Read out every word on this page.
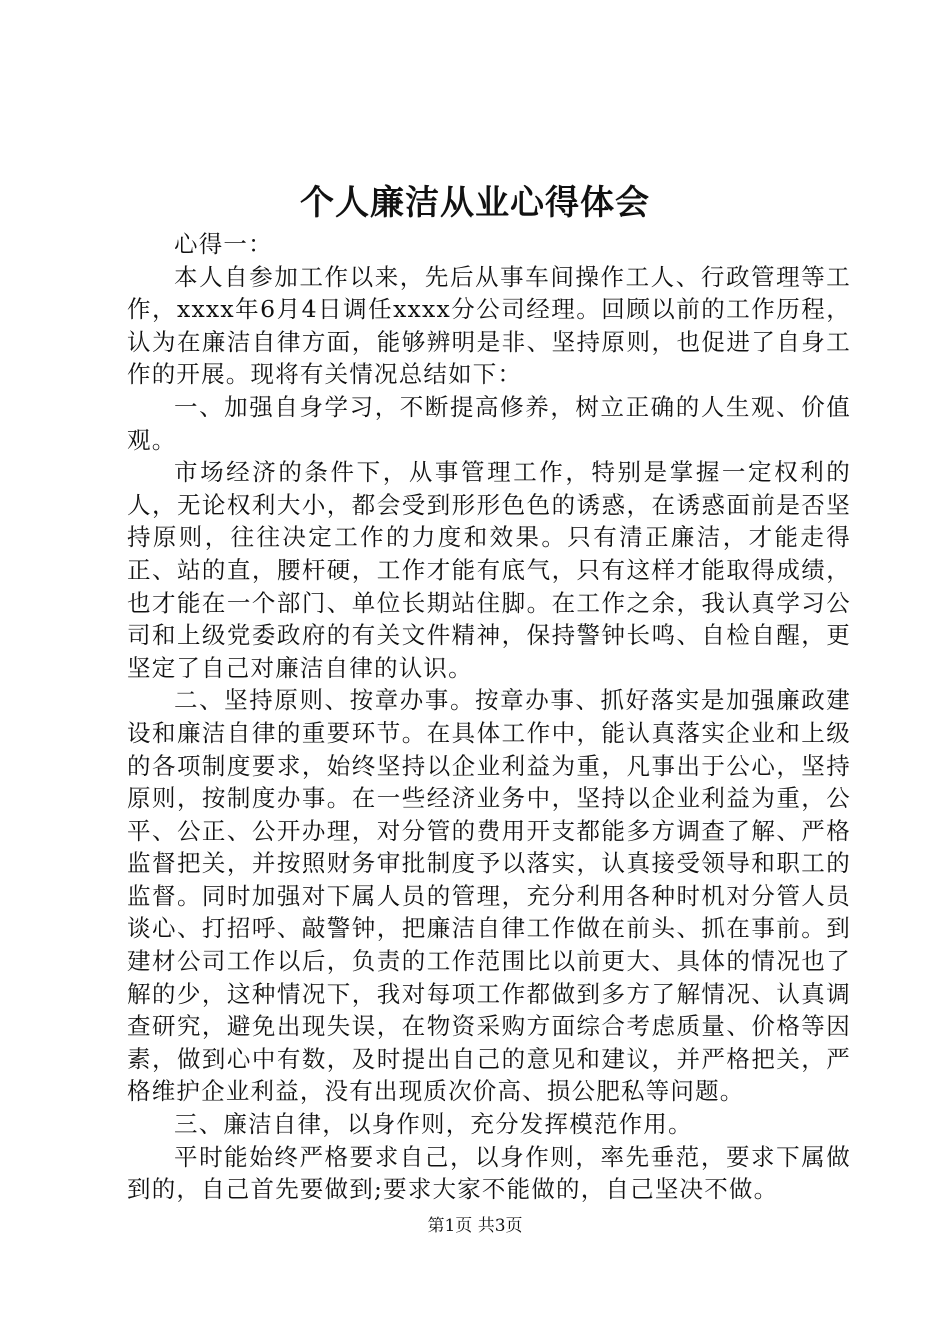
个人廉洁从业心得体会

心得一：

本人自参加工作以来，先后从事车间操作工人、行政管理等工作，xxxx年6月4日调任xxxx分公司经理。回顾以前的工作历程，认为在廉洁自律方面，能够辨明是非、坚持原则，也促进了自身工作的开展。现将有关情况总结如下：

一、加强自身学习，不断提高修养，树立正确的人生观、价值观。

市场经济的条件下，从事管理工作，特别是掌握一定权利的人，无论权利大小，都会受到形形色色的诱惑，在诱惑面前是否坚持原则，往往决定工作的力度和效果。只有清正廉洁，才能走得正、站的直，腰杆硬，工作才能有底气，只有这样才能取得成绩，也才能在一个部门、单位长期站住脚。在工作之余，我认真学习公司和上级党委政府的有关文件精神，保持警钟长鸣、自检自醒，更坚定了自己对廉洁自律的认识。

二、坚持原则、按章办事。按章办事、抓好落实是加强廉政建设和廉洁自律的重要环节。在具体工作中，能认真落实企业和上级的各项制度要求，始终坚持以企业利益为重，凡事出于公心，坚持原则，按制度办事。在一些经济业务中，坚持以企业利益为重，公平、公正、公开办理，对分管的费用开支都能多方调查了解、严格监督把关，并按照财务审批制度予以落实，认真接受领导和职工的监督。同时加强对下属人员的管理，充分利用各种时机对分管人员谈心、打招呼、敲警钟，把廉洁自律工作做在前头、抓在事前。到建材公司工作以后，负责的工作范围比以前更大、具体的情况也了解的少，这种情况下，我对每项工作都做到多方了解情况、认真调查研究，避免出现失误，在物资采购方面综合考虑质量、价格等因素，做到心中有数，及时提出自己的意见和建议，并严格把关，严格维护企业利益，没有出现质次价高、损公肥私等问题。

三、廉洁自律，以身作则，充分发挥模范作用。

平时能始终严格要求自己，以身作则，率先垂范，要求下属做到的，自己首先要做到;要求大家不能做的，自己坚决不做。

第1页 共3页
